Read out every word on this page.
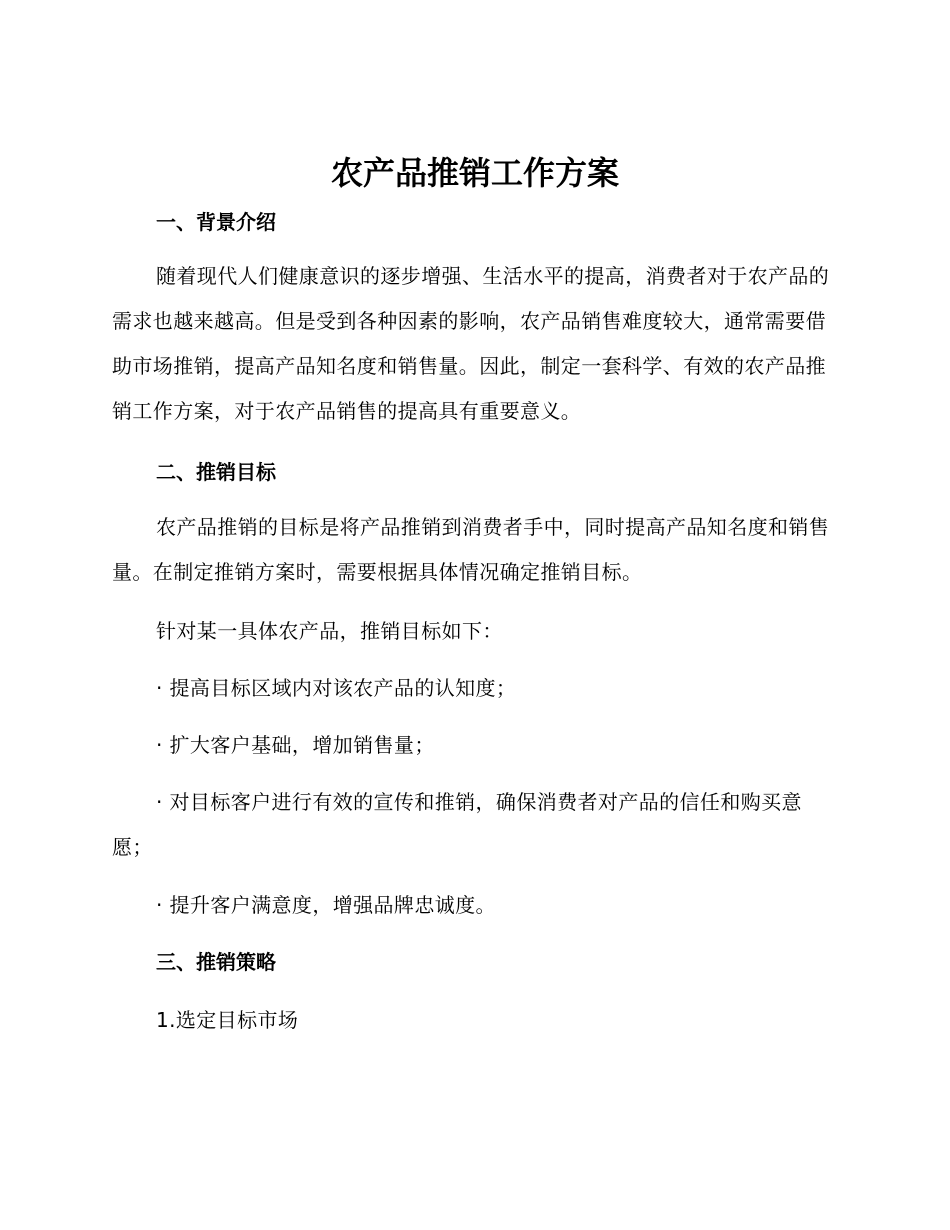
农产品推销工作方案
一、背景介绍

随着现代人们健康意识的逐步增强、生活水平的提高，消费者对于农产品的需求也越来越高。但是受到各种因素的影响，农产品销售难度较大，通常需要借助市场推销，提高产品知名度和销售量。因此，制定一套科学、有效的农产品推销工作方案，对于农产品销售的提高具有重要意义。

二、推销目标

农产品推销的目标是将产品推销到消费者手中，同时提高产品知名度和销售量。在制定推销方案时，需要根据具体情况确定推销目标。

针对某一具体农产品，推销目标如下：
· 提高目标区域内对该农产品的认知度；
· 扩大客户基础，增加销售量；

· 对目标客户进行有效的宣传和推销，确保消费者对产品的信任和购买意愿；

· 提升客户满意度，增强品牌忠诚度。
三、推销策略
1.选定目标市场
